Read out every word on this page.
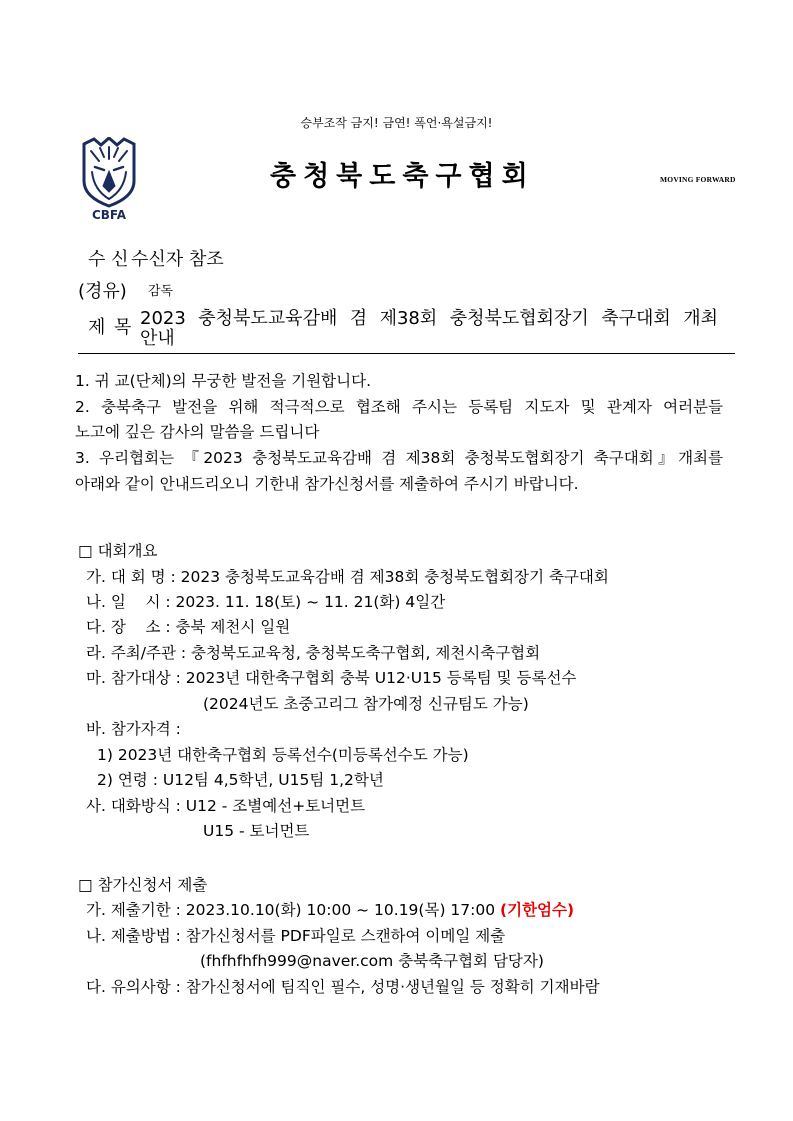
승부조작 금지! 금연! 폭언·욕설금지!
CBFA
충청북도축구협회	MOVING FORWARD
수 신 수신자 참조
(경유) 감독
제 목 2023 충청북도교육감배 겸 제38회 충청북도협회장기 축구대회 개최
안내
1. 귀 교(단체)의 무궁한 발전을 기원합니다.
2. 충북축구 발전을 위해 적극적으로 협조해 주시는 등록팀 지도자 및 관계자 여러분들
노고에 깊은 감사의 말씀을 드립니다
3. 우리협회는 『2023 충청북도교육감배 겸 제38회 충청북도협회장기 축구대회』개최를
아래와 같이 안내드리오니 기한내 참가신청서를 제출하여 주시기 바랍니다.
□ 대회개요
가. 대 회 명 : 2023 충청북도교육감배 겸 제38회 충청북도협회장기 축구대회
나. 일    시 : 2023. 11. 18(토) ~ 11. 21(화) 4일간
다. 장    소 : 충북 제천시 일원
라. 주최/주관 : 충청북도교육청, 충청북도축구협회, 제천시축구협회
마. 참가대상 : 2023년 대한축구협회 충북 U12·U15 등록팀 및 등록선수
(2024년도 초중고리그 참가예정 신규팀도 가능)
바. 참가자격 :
1) 2023년 대한축구협회 등록선수(미등록선수도 가능)
2) 연령 : U12팀 4,5학년, U15팀 1,2학년
사. 대화방식 : U12 - 조별예선+토너먼트
U15 - 토너먼트
□ 참가신청서 제출
가. 제출기한 : 2023.10.10(화) 10:00 ~ 10.19(목) 17:00 (기한엄수)
나. 제출방법 : 참가신청서를 PDF파일로 스캔하여 이메일 제출
(fhfhfhfh999@naver.com 충북축구협회 담당자)
다. 유의사항 : 참가신청서에 팀직인 필수, 성명·생년월일 등 정확히 기재바람
